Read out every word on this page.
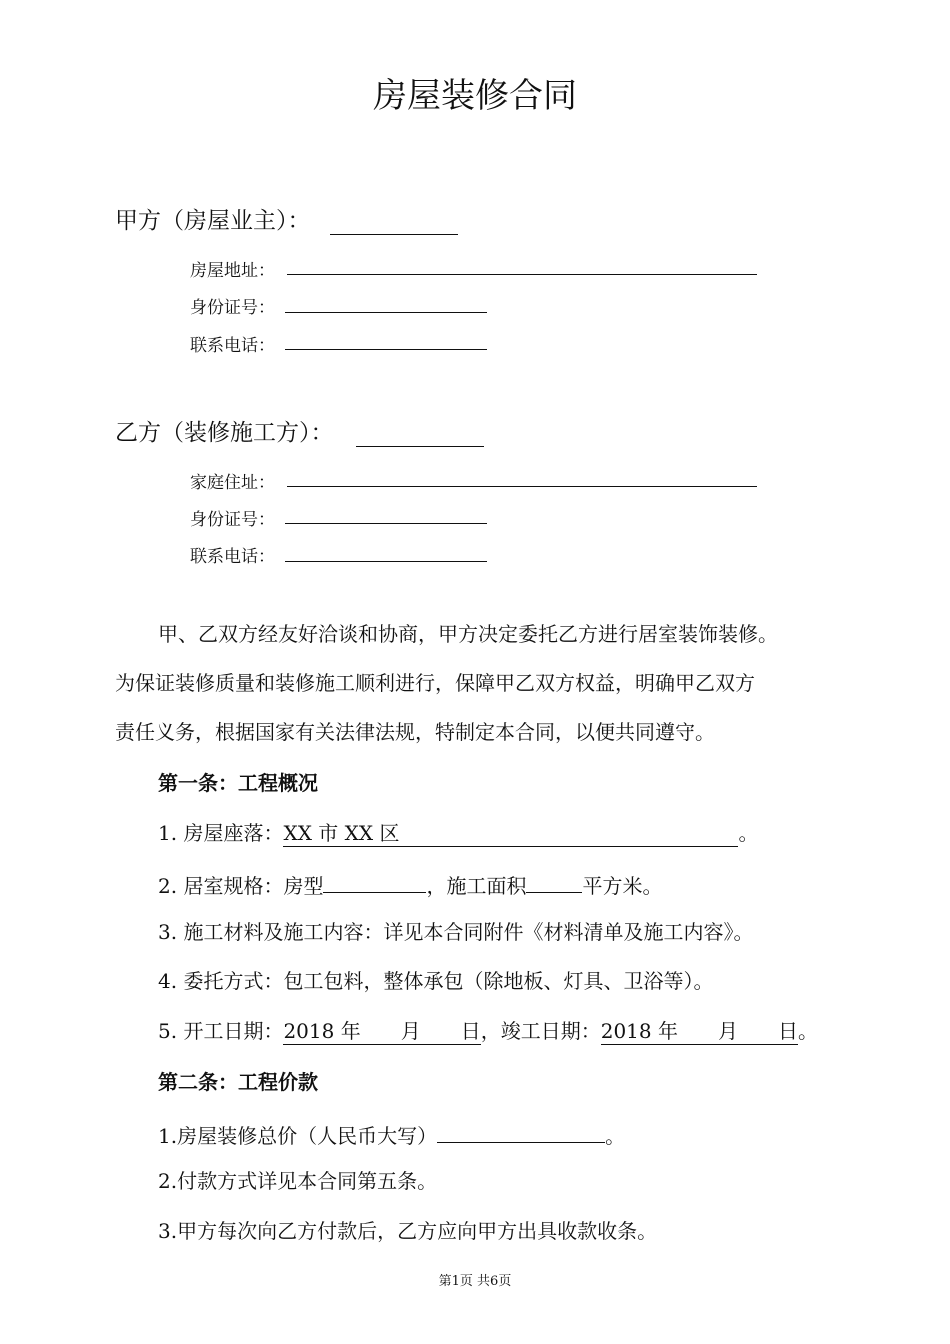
房屋装修合同
甲方（房屋业主）：
房屋地址：
身份证号：
联系电话：
乙方（装修施工方）：
家庭住址：
身份证号：
联系电话：
甲、乙双方经友好洽谈和协商，甲方决定委托乙方进行居室装饰装修。
为保证装修质量和装修施工顺利进行，保障甲乙双方权益，明确甲乙双方
责任义务，根据国家有关法律法规，特制定本合同，以便共同遵守。
第一条：工程概况
1. 房屋座落：XX 市 XX 区	。
2. 居室规格：房型	，施工面积	平方米。
3. 施工材料及施工内容：详见本合同附件《材料清单及施工内容》。
4. 委托方式：包工包料，整体承包（除地板、灯具、卫浴等）。
5. 开工日期：2018 年　　月　　日，竣工日期：2018 年　　月　　日。
第二条：工程价款
1.房屋装修总价（人民币大写）	。
2.付款方式详见本合同第五条。
3.甲方每次向乙方付款后，乙方应向甲方出具收款收条。
第1页 共6页
